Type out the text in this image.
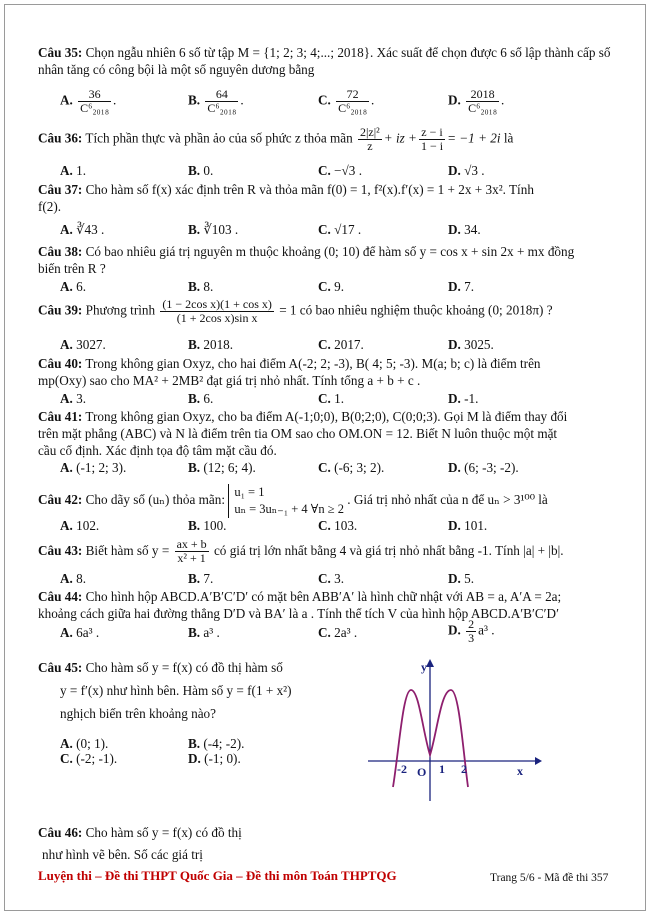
Câu 35: Chọn ngẫu nhiên 6 số từ tập M = {1; 2; 3; 4;...; 2018}. Xác suất để chọn được 6 số lập thành cấp số nhân tăng có công bội là một số nguyên dương bằng
A. $\frac{36}{\text{C⁶₂₀₁₈}}$ .	B. $\frac{64}{\text{C⁶₂₀₁₈}}$ .	C. $\frac{72}{\text{C⁶₂₀₁₈}}$ .	D. $\frac{2018}{\text{C⁶₂₀₁₈}}$ .
Câu 36: Tích phần thực và phần ảo của số phức z thỏa mãn $\frac{\text{2|z|²}}{z}$ + iz + $\frac{z - i}{1 - i} = -1 + 2i$ là
A. 1.	B. 0.	C. −√3 .	D. √3 .
Câu 37: Cho hàm số f(x) xác định trên R và thỏa mãn f(0) = 1, f²(x).f′(x) = 1 + 2x + 3x². Tính
f(2).
A. ∛43 .	B. ∛103 .	C. √17 .	D. 34.
Câu 38: Có bao nhiêu giá trị nguyên m thuộc khoảng (0; 10) để hàm số y = cos x + sin 2x + mx đồng
biến trên R ?
A. 6.	B. 8.	C. 9.	D. 7.
Câu 39: Phương trình $\frac{\text{(1 − 2cos x)(1 + cos x)}}{\text{(1 + 2cos x)sin x}} = 1$ có bao nhiêu nghiệm thuộc khoảng (0; 2018π) ?
A. 3027.	B. 2018.	C. 2017.	D. 3025.
Câu 40: Trong không gian Oxyz, cho hai điểm A(-2; 2; -3), B( 4; 5; -3). M(a; b; c) là điểm trên
mp(Oxy) sao cho MA² + 2MB² đạt giá trị nhỏ nhất. Tính tổng a + b + c .
A. 3.	B. 6.	C. 1.	D. -1.
Câu 41: Trong không gian Oxyz, cho ba điểm A(-1;0;0), B(0;2;0), C(0;0;3). Gọi M là điểm thay đổi
trên mặt phẳng (ABC) và N là điểm trên tia OM sao cho OM.ON = 12. Biết N luôn thuộc một mặt
cầu cố định. Xác định tọa độ tâm mặt cầu đó.
A. (-1; 2; 3).	B. (12; 6; 4).	C. (-6; 3; 2).	D. (6; -3; -2).
Câu 42: Cho dãy số (uₙ) thỏa mãn:
u₁ = 1
uₙ = 3uₙ₋₁ + 4 ∀n ≥ 2
. Giá trị nhỏ nhất của n để uₙ > 3¹⁰⁰ là
A. 102.	B. 100.	C. 103.	D. 101.
Câu 43: Biết hàm số $y = \frac{ax + b}{\text{x² + 1}}$ có giá trị lớn nhất bằng 4 và giá trị nhỏ nhất bằng -1. Tính |a| + |b|.
A. 8.	B. 7.	C. 3.	D. 5.
Câu 44: Cho hình hộp ABCD.A′B′C′D′ có mặt bên ABB′A′ là hình chữ nhật với AB = a, A′A = 2a;
khoảng cách giữa hai đường thẳng D′D và BA′ là a . Tính thể tích V của hình hộp ABCD.A′B′C′D′
A. 6a³ .	B. a³ .	C. 2a³ .	D. $\frac{2}{3} a^3$ .
Câu 45: Cho hàm số y = f(x) có đồ thị hàm số
y = f′(x) như hình bên. Hàm số y = f(1 + x²)
nghịch biến trên khoảng nào?
A. (0; 1).	B. (-4; -2).
C. (-2; -1).	D. (-1; 0).
y
x
O
-2	1 2
Câu 46: Cho hàm số y = f(x) có đồ thị
như hình vẽ bên. Số các giá trị
Luyện thi – Đề thi THPT Quốc Gia – Đề thi môn Toán THPTQG	Trang 5/6 - Mã đề thi 357
